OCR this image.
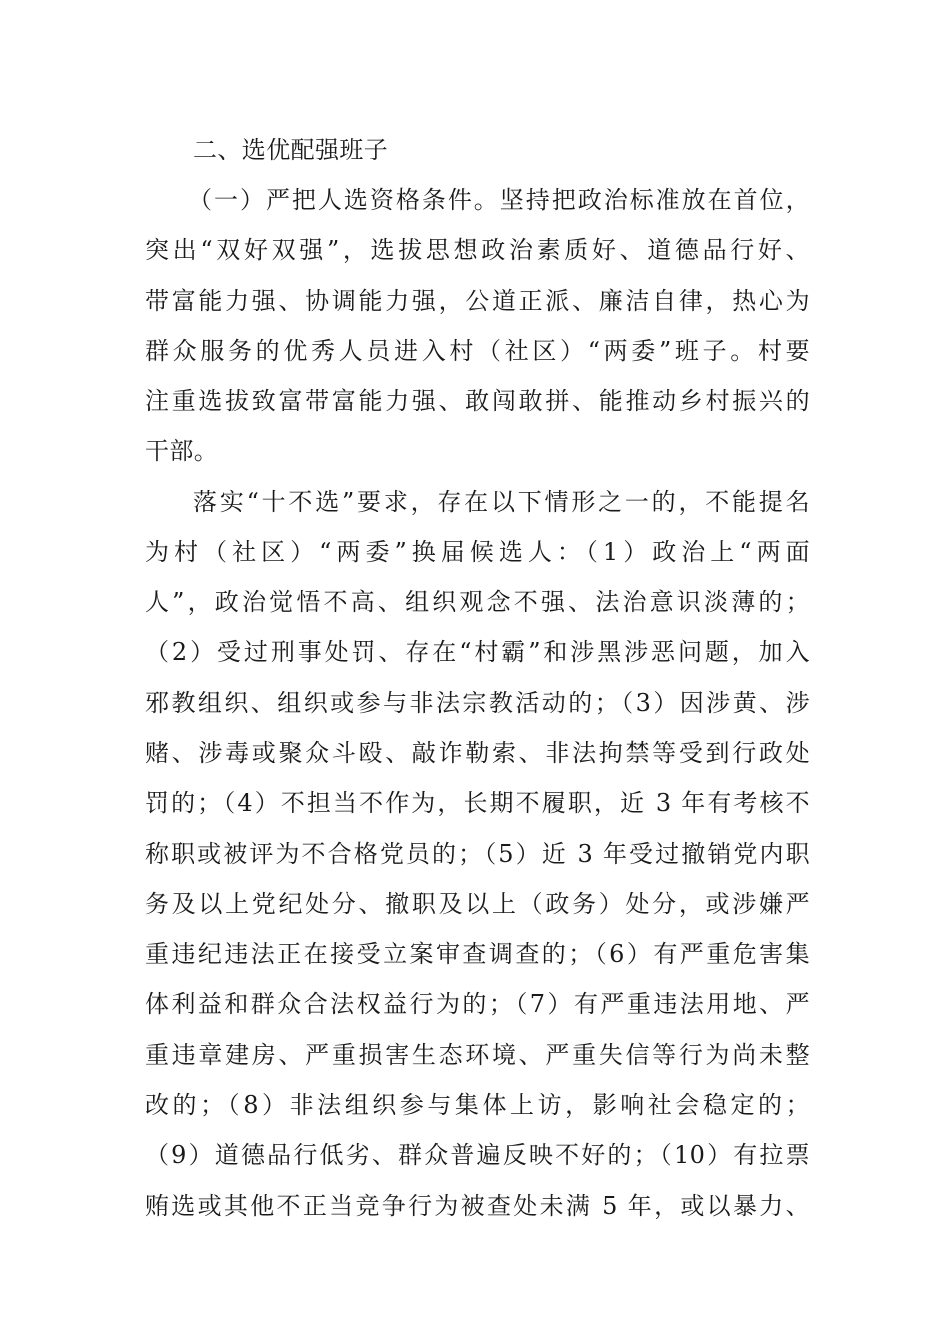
二、选优配强班子
（一）严把人选资格条件。坚持把政治标准放在首位，
突出“双好双强”，选拔思想政治素质好、道德品行好、
带富能力强、协调能力强，公道正派、廉洁自律，热心为
群众服务的优秀人员进入村（社区）“两委”班子。村要
注重选拔致富带富能力强、敢闯敢拼、能推动乡村振兴的
干部。
落实“十不选”要求，存在以下情形之一的，不能提名
为村（社区）“两委”换届候选人：（1）政治上“两面
人”，政治觉悟不高、组织观念不强、法治意识淡薄的；
（2）受过刑事处罚、存在“村霸”和涉黑涉恶问题，加入
邪教组织、组织或参与非法宗教活动的；（3）因涉黄、涉
赌、涉毒或聚众斗殴、敲诈勒索、非法拘禁等受到行政处
罚的；（4）不担当不作为，长期不履职，近 3 年有考核不
称职或被评为不合格党员的；（5）近 3 年受过撤销党内职
务及以上党纪处分、撤职及以上（政务）处分，或涉嫌严
重违纪违法正在接受立案审查调查的；（6）有严重危害集
体利益和群众合法权益行为的；（7）有严重违法用地、严
重违章建房、严重损害生态环境、严重失信等行为尚未整
改的；（8）非法组织参与集体上访，影响社会稳定的；
（9）道德品行低劣、群众普遍反映不好的；（10）有拉票
贿选或其他不正当竞争行为被查处未满 5 年，或以暴力、
